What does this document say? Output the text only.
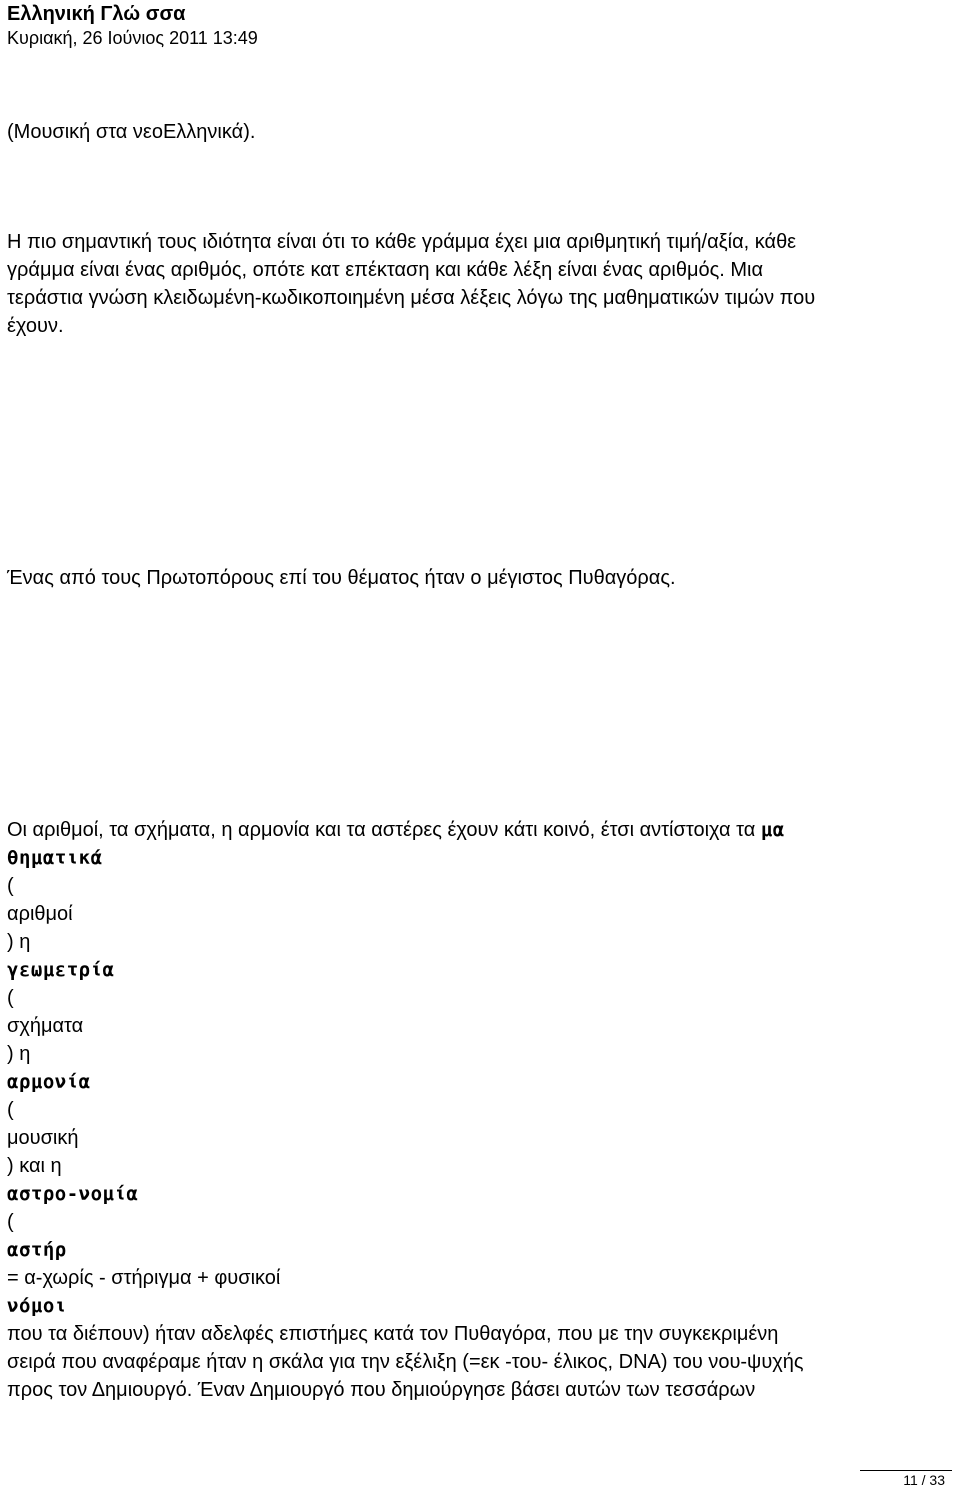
Ελληνική Γλώ σσα
Κυριακή, 26 Ιούνιος 2011 13:49

(Μουσική στα νεοΕλληνικά).

Η πιο σημαντική τους ιδιότητα είναι ότι το κάθε γράμμα έχει μια αριθμητική τιμή/αξία, κάθε
γράμμα είναι ένας αριθμός, οπότε κατ επέκταση και κάθε λέξη είναι ένας αριθμός. Μια
τεράστια γνώση κλειδωμένη-κωδικοποιημένη μέσα λέξεις λόγω της μαθηματικών τιμών που
έχουν.

Ένας από τους Πρωτοπόρους επί του θέματος ήταν ο μέγιστος Πυθαγόρας.

Οι αριθμοί, τα σχήματα, η αρμονία και τα αστέρες έχουν κάτι κοινό, έτσι αντίστοιχα τα μα
θηματικά
(
αριθμοί
) η
γεωμετρία
(
σχήματα
) η
αρμονία
(
μουσική
) και η
αστρο-νομία
(
αστήρ
= α-χωρίς - στήριγμα + φυσικοί
νόμοι
που τα διέπουν) ήταν αδελφές επιστήμες κατά τον Πυθαγόρα, που με την συγκεκριμένη
σειρά που αναφέραμε ήταν η σκάλα για την εξέλιξη (=εκ -του- έλικος, DNA) του νου-ψυχής
προς τον Δημιουργό. Έναν Δημιουργό που δημιούργησε βάσει αυτών των τεσσάρων
11 / 33
